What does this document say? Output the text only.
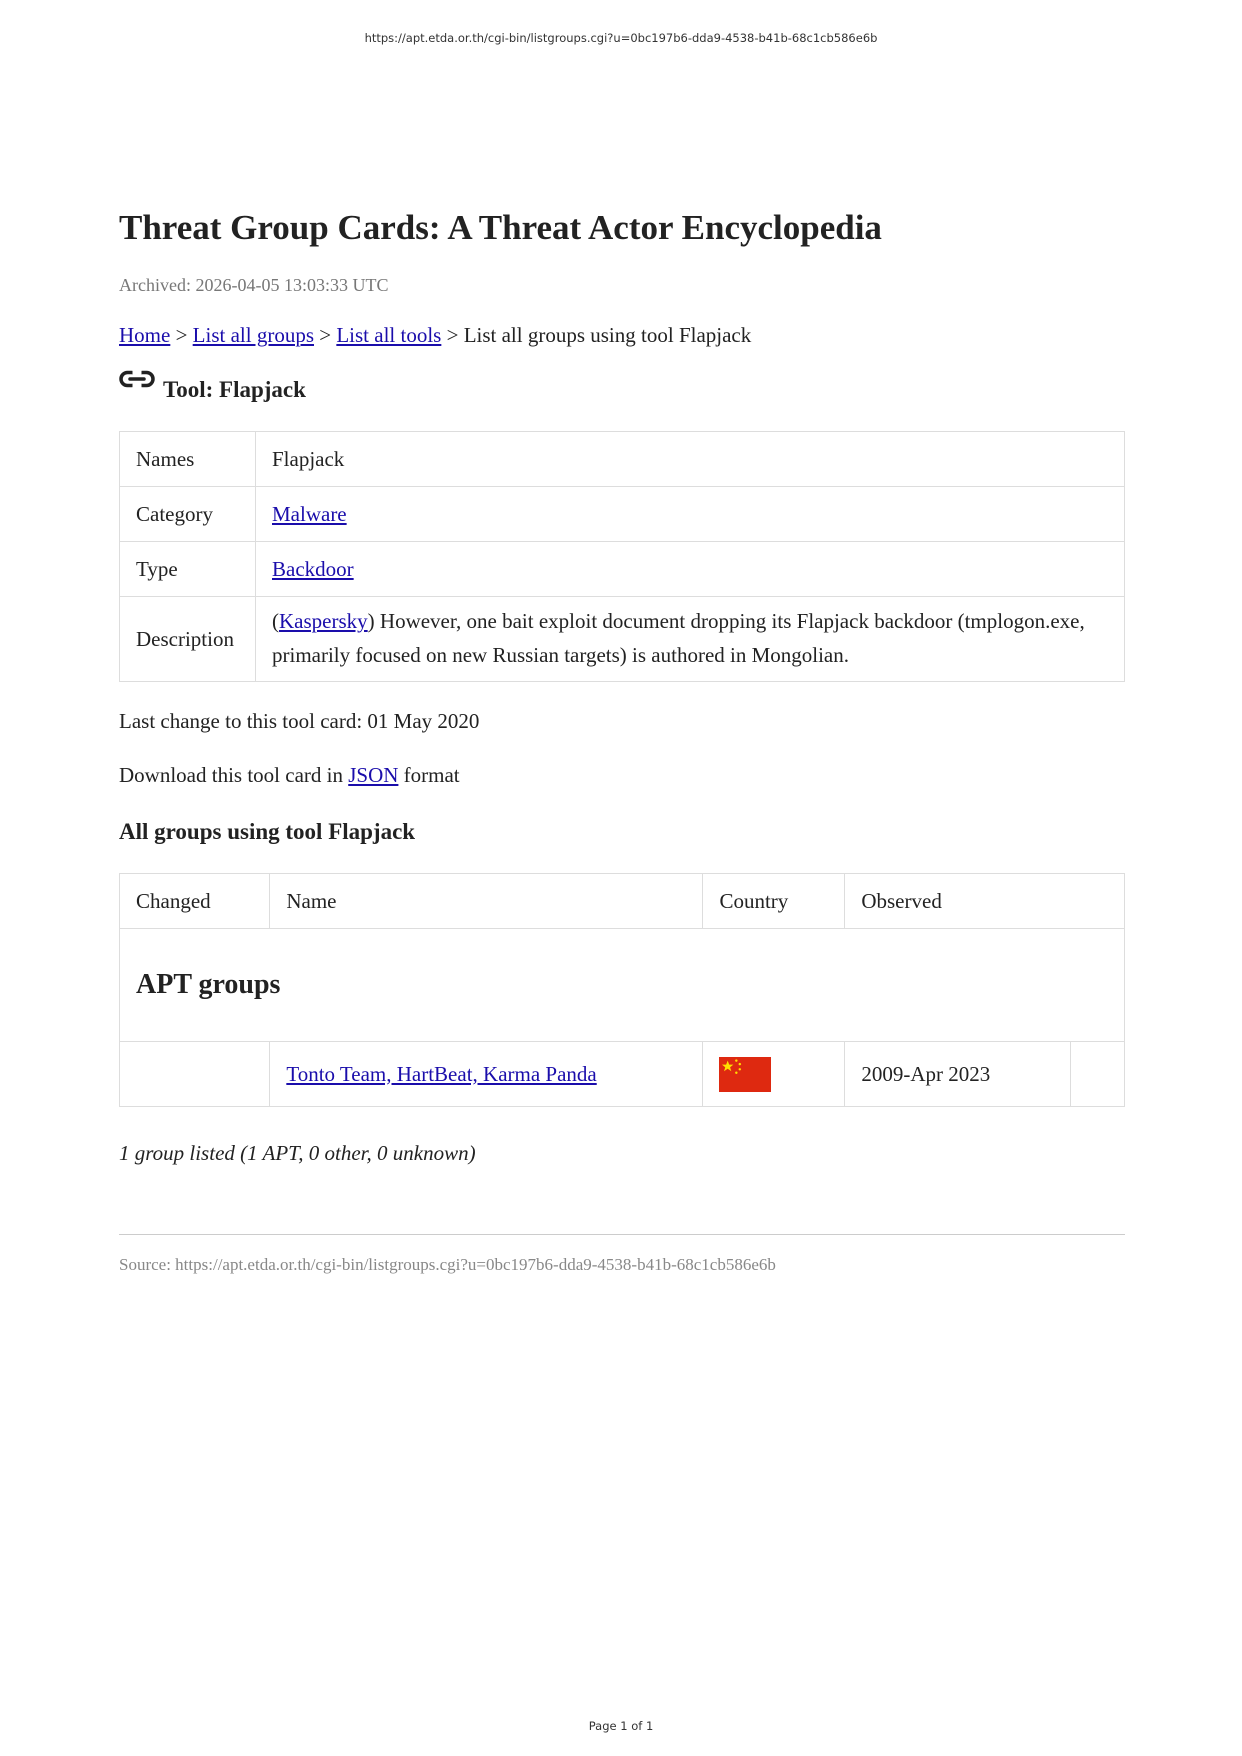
https://apt.etda.or.th/cgi-bin/listgroups.cgi?u=0bc197b6-dda9-4538-b41b-68c1cb586e6b
Threat Group Cards: A Threat Actor Encyclopedia
Archived: 2026-04-05 13:03:33 UTC
Home > List all groups > List all tools > List all groups using tool Flapjack
Tool: Flapjack
Names	Flapjack
Category	Malware
Type	Backdoor
Description	(Kaspersky) However, one bait exploit document dropping its Flapjack backdoor (tmplogon.exe, primarily focused on new Russian targets) is authored in Mongolian.

Last change to this tool card: 01 May 2020

Download this tool card in JSON format

All groups using tool Flapjack
Changed	Name	Country	Observed	
APT groups				
	Tonto Team, HartBeat, Karma Panda		2009-Apr 2023	

1 group listed (1 APT, 0 other, 0 unknown)

Source: https://apt.etda.or.th/cgi-bin/listgroups.cgi?u=0bc197b6-dda9-4538-b41b-68c1cb586e6b
Page 1 of 1
